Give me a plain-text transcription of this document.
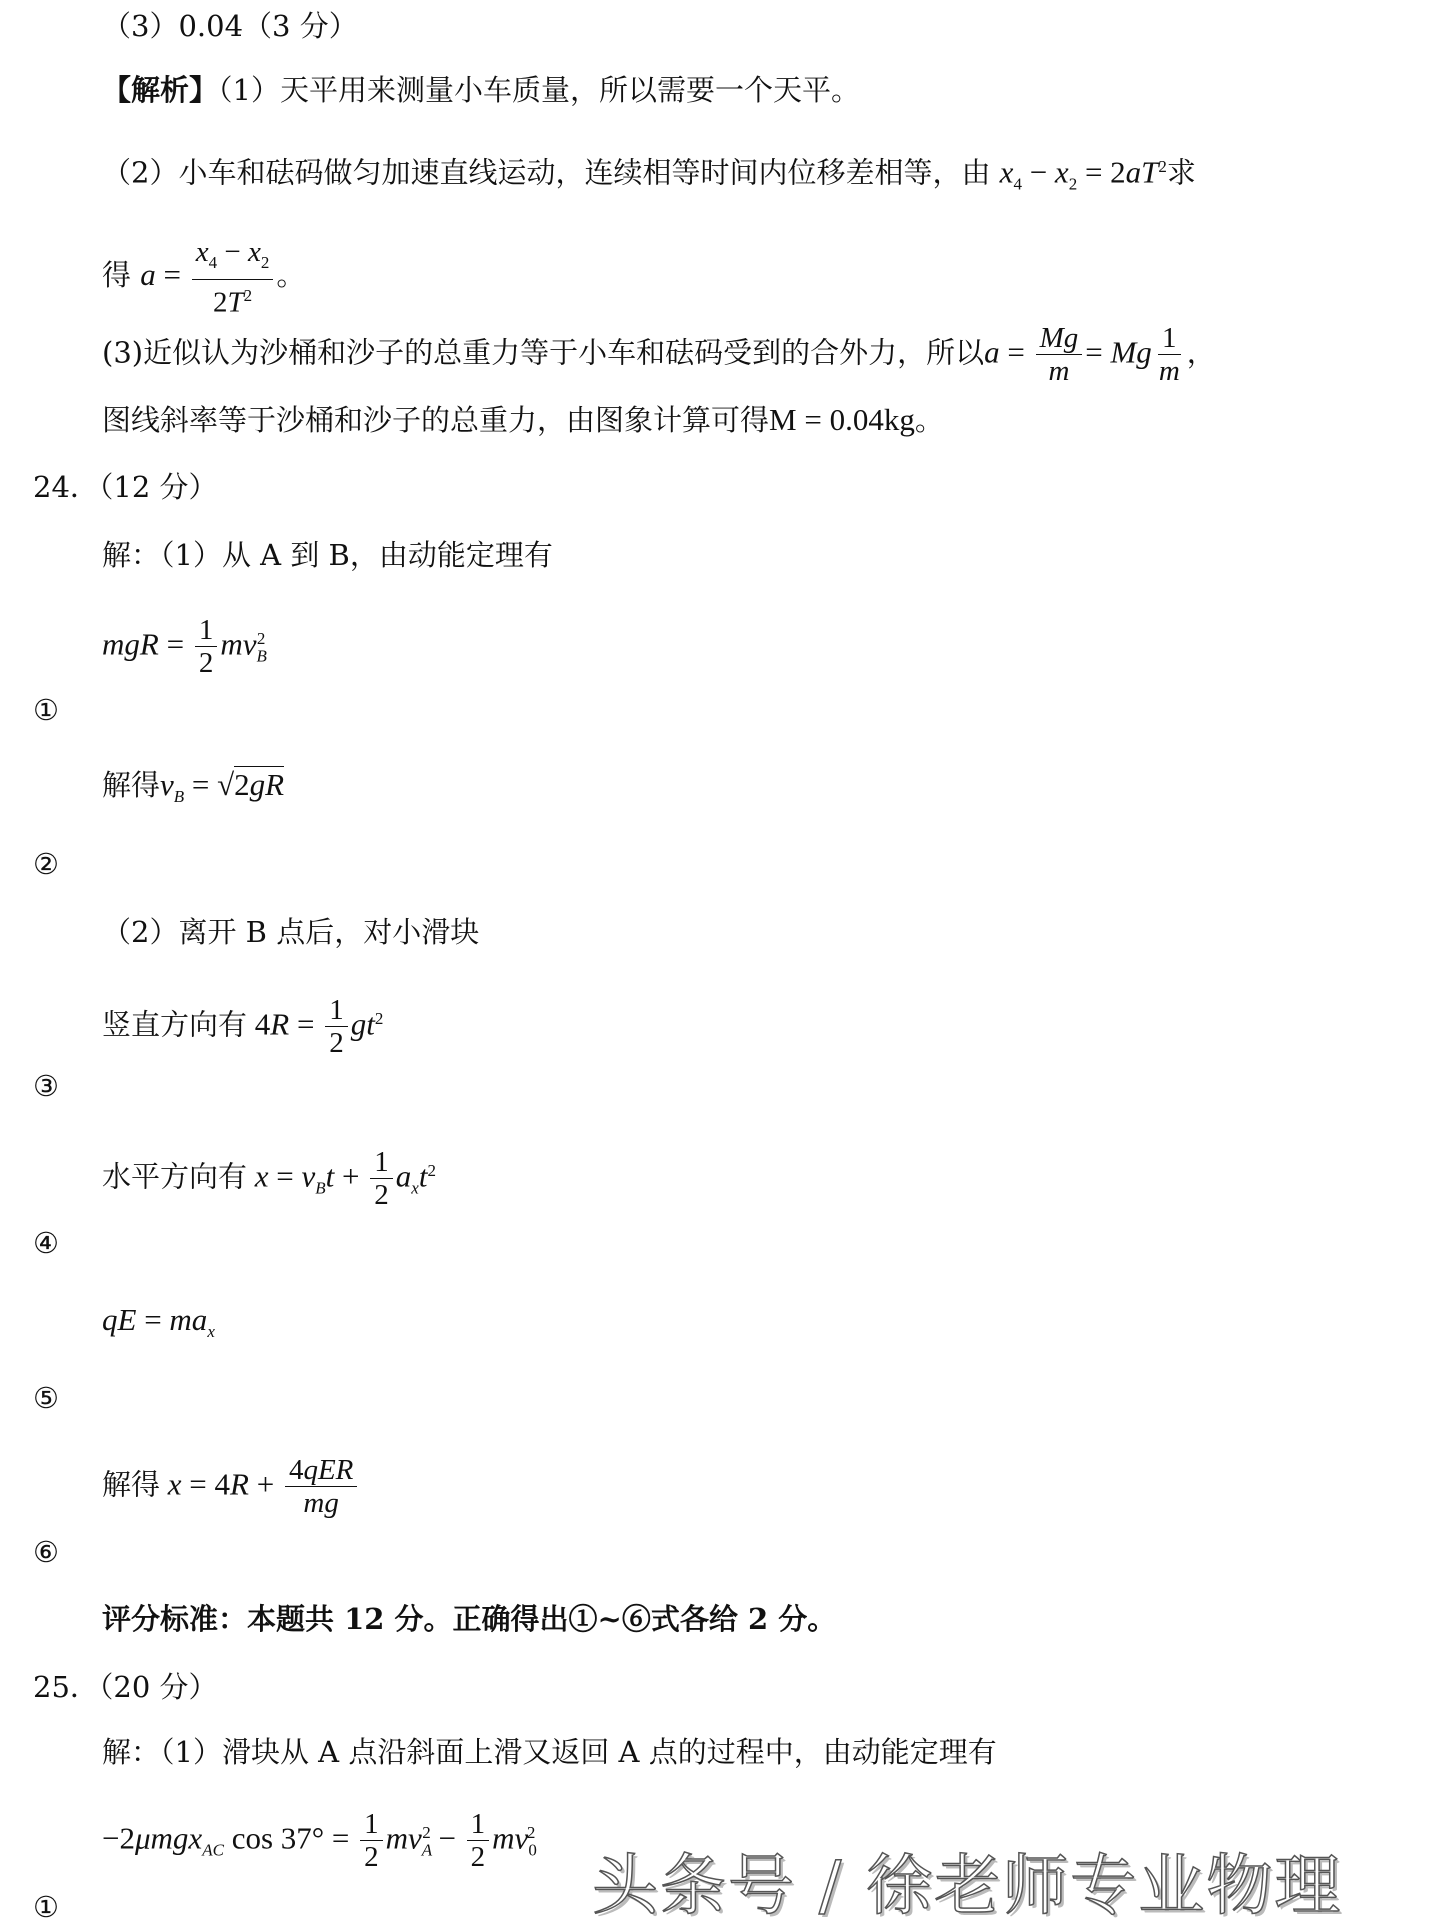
（3）0.04（3 分）
【解析】（1）天平用来测量小车质量，所以需要一个天平。
（2）小车和砝码做匀加速直线运动，连续相等时间内位移差相等，由 $x_4 - x_2 = 2aT^2$求
得 $a = \frac{x_4 - x_2}{2T^2}$ 。
(3)近似认为沙桶和沙子的总重力等于小车和砝码受到的合外力，所以$a = \frac{Mg}{m} = Mg \frac{1}{m}$ ，
图线斜率等于沙桶和沙子的总重力，由图象计算可得M = 0.04kg。
24．（12 分）
解：（1）从 A 到 B，由动能定理有
mgR = $\frac{1}{2} mv_B^2$
①
解得$v_B = √2gR$
②
（2）离开 B 点后，对小滑块
竖直方向有 $4R = \frac{1}{2} gt^2$
③
水平方向有 $x = v_Bt + \frac{1}{2} a_xt^2$
④
qE = $ma_x$
⑤
解得 $x = 4R + \frac{\text{4qER}}{mg}$
⑥
评分标准：本题共 12 分。正确得出①~⑥式各给 2 分。
25．（20 分）
解：（1）滑块从 A 点沿斜面上滑又返回 A 点的过程中，由动能定理有
−2μmgx$_{AC}$ $\cos 37^\circ = \frac{1}{2} mv_A^2 - \frac{1}{2} mv_0^2$
①	头条号 / 徐老师专业物理
